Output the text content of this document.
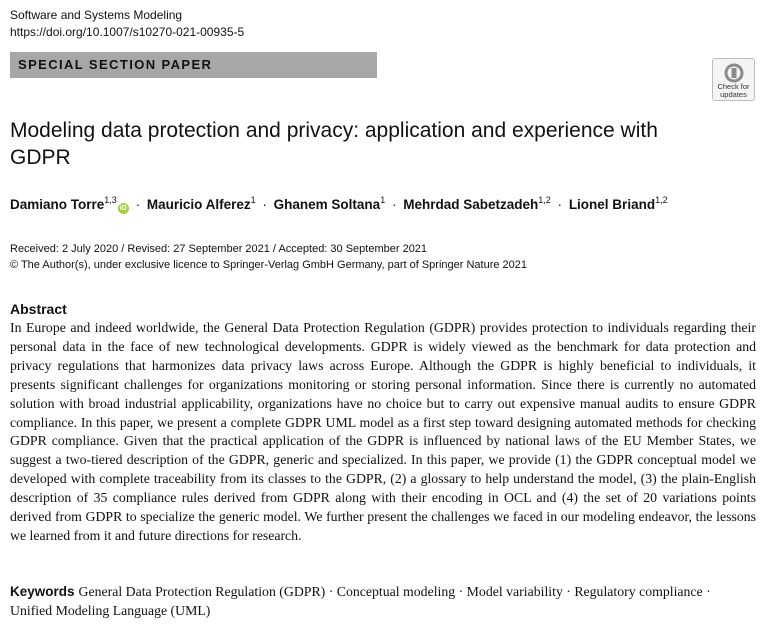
Software and Systems Modeling
https://doi.org/10.1007/s10270-021-00935-5
SPECIAL SECTION PAPER
Check for
updates
Modeling data protection and privacy: application and experience with GDPR
Damiano Torre$^{1,3}$iD · Mauricio Alferez$^1$ · Ghanem Soltana$^1$ · Mehrdad Sabetzadeh$^{1,2}$ · Lionel Briand$^{1,2}$
Received: 2 July 2020 / Revised: 27 September 2021 / Accepted: 30 September 2021
© The Author(s), under exclusive licence to Springer-Verlag GmbH Germany, part of Springer Nature 2021
Abstract

In Europe and indeed worldwide, the General Data Protection Regulation (GDPR) provides protection to individuals regarding their personal data in the face of new technological developments. GDPR is widely viewed as the benchmark for data protection and privacy regulations that harmonizes data privacy laws across Europe. Although the GDPR is highly beneficial to individuals, it presents significant challenges for organizations monitoring or storing personal information. Since there is currently no automated solution with broad industrial applicability, organizations have no choice but to carry out expensive manual audits to ensure GDPR compliance. In this paper, we present a complete GDPR UML model as a first step toward designing automated methods for checking GDPR compliance. Given that the practical application of the GDPR is influenced by national laws of the EU Member States, we suggest a two-tiered description of the GDPR, generic and specialized. In this paper, we provide (1) the GDPR conceptual model we developed with complete traceability from its classes to the GDPR, (2) a glossary to help understand the model, (3) the plain-English description of 35 compliance rules derived from GDPR along with their encoding in OCL and (4) the set of 20 variations points derived from GDPR to specialize the generic model. We further present the challenges we faced in our modeling endeavor, the lessons we learned from it and future directions for research.

Keywords General Data Protection Regulation (GDPR) · Conceptual modeling · Model variability · Regulatory compliance · Unified Modeling Language (UML)
